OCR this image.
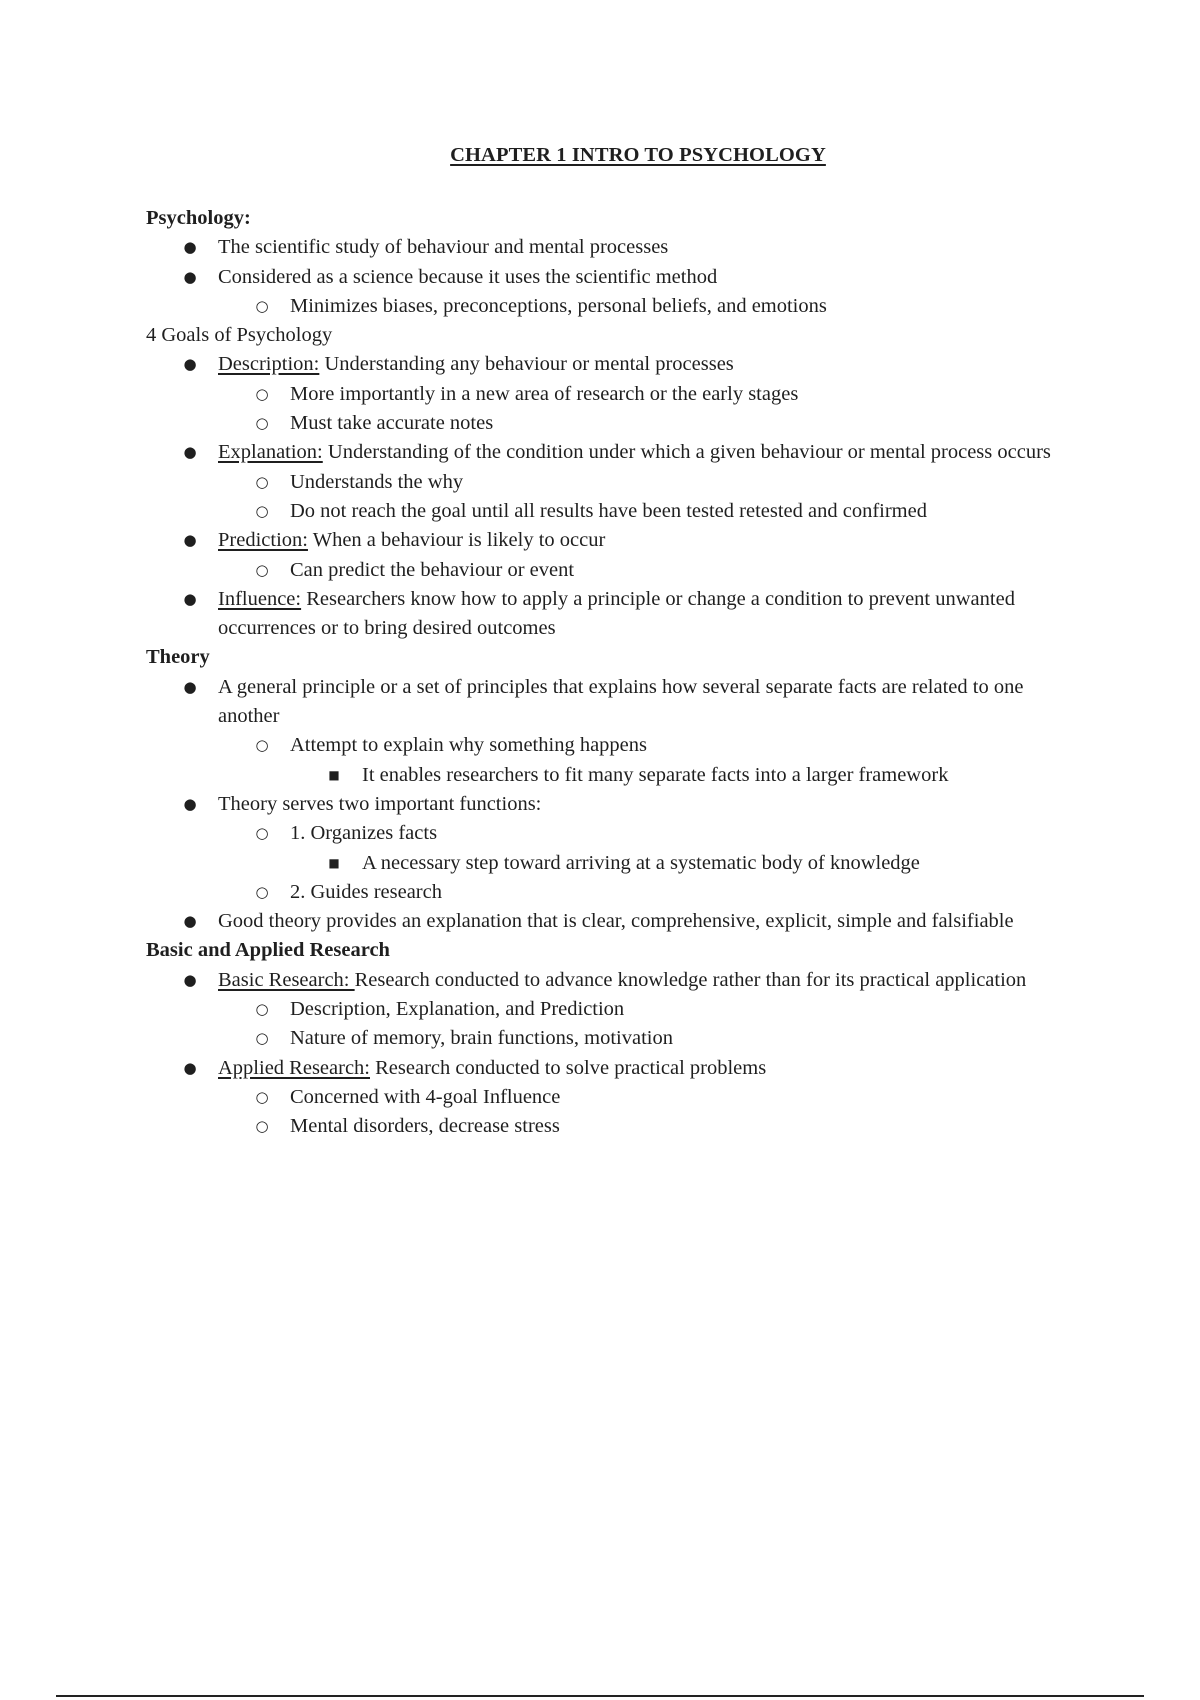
CHAPTER 1 INTRO TO PSYCHOLOGY

Psychology:

● The scientific study of behaviour and mental processes
● Considered as a science because it uses the scientific method
○ Minimizes biases, preconceptions, personal beliefs, and emotions

4 Goals of Psychology

● Description: Understanding any behaviour or mental processes
○ More importantly in a new area of research or the early stages
○ Must take accurate notes
● Explanation: Understanding of the condition under which a given behaviour or mental process occurs
○ Understands the why
○ Do not reach the goal until all results have been tested retested and confirmed
● Prediction: When a behaviour is likely to occur
○ Can predict the behaviour or event
● Influence: Researchers know how to apply a principle or change a condition to prevent unwanted occurrences or to bring desired outcomes

Theory

● A general principle or a set of principles that explains how several separate facts are related to one another
○ Attempt to explain why something happens
■ It enables researchers to fit many separate facts into a larger framework
● Theory serves two important functions:
○ 1. Organizes facts
■ A necessary step toward arriving at a systematic body of knowledge
○ 2. Guides research
● Good theory provides an explanation that is clear, comprehensive, explicit, simple and falsifiable

Basic and Applied Research

● Basic Research: Research conducted to advance knowledge rather than for its practical application
○ Description, Explanation, and Prediction
○ Nature of memory, brain functions, motivation
● Applied Research: Research conducted to solve practical problems
○ Concerned with 4-goal Influence
○ Mental disorders, decrease stress
